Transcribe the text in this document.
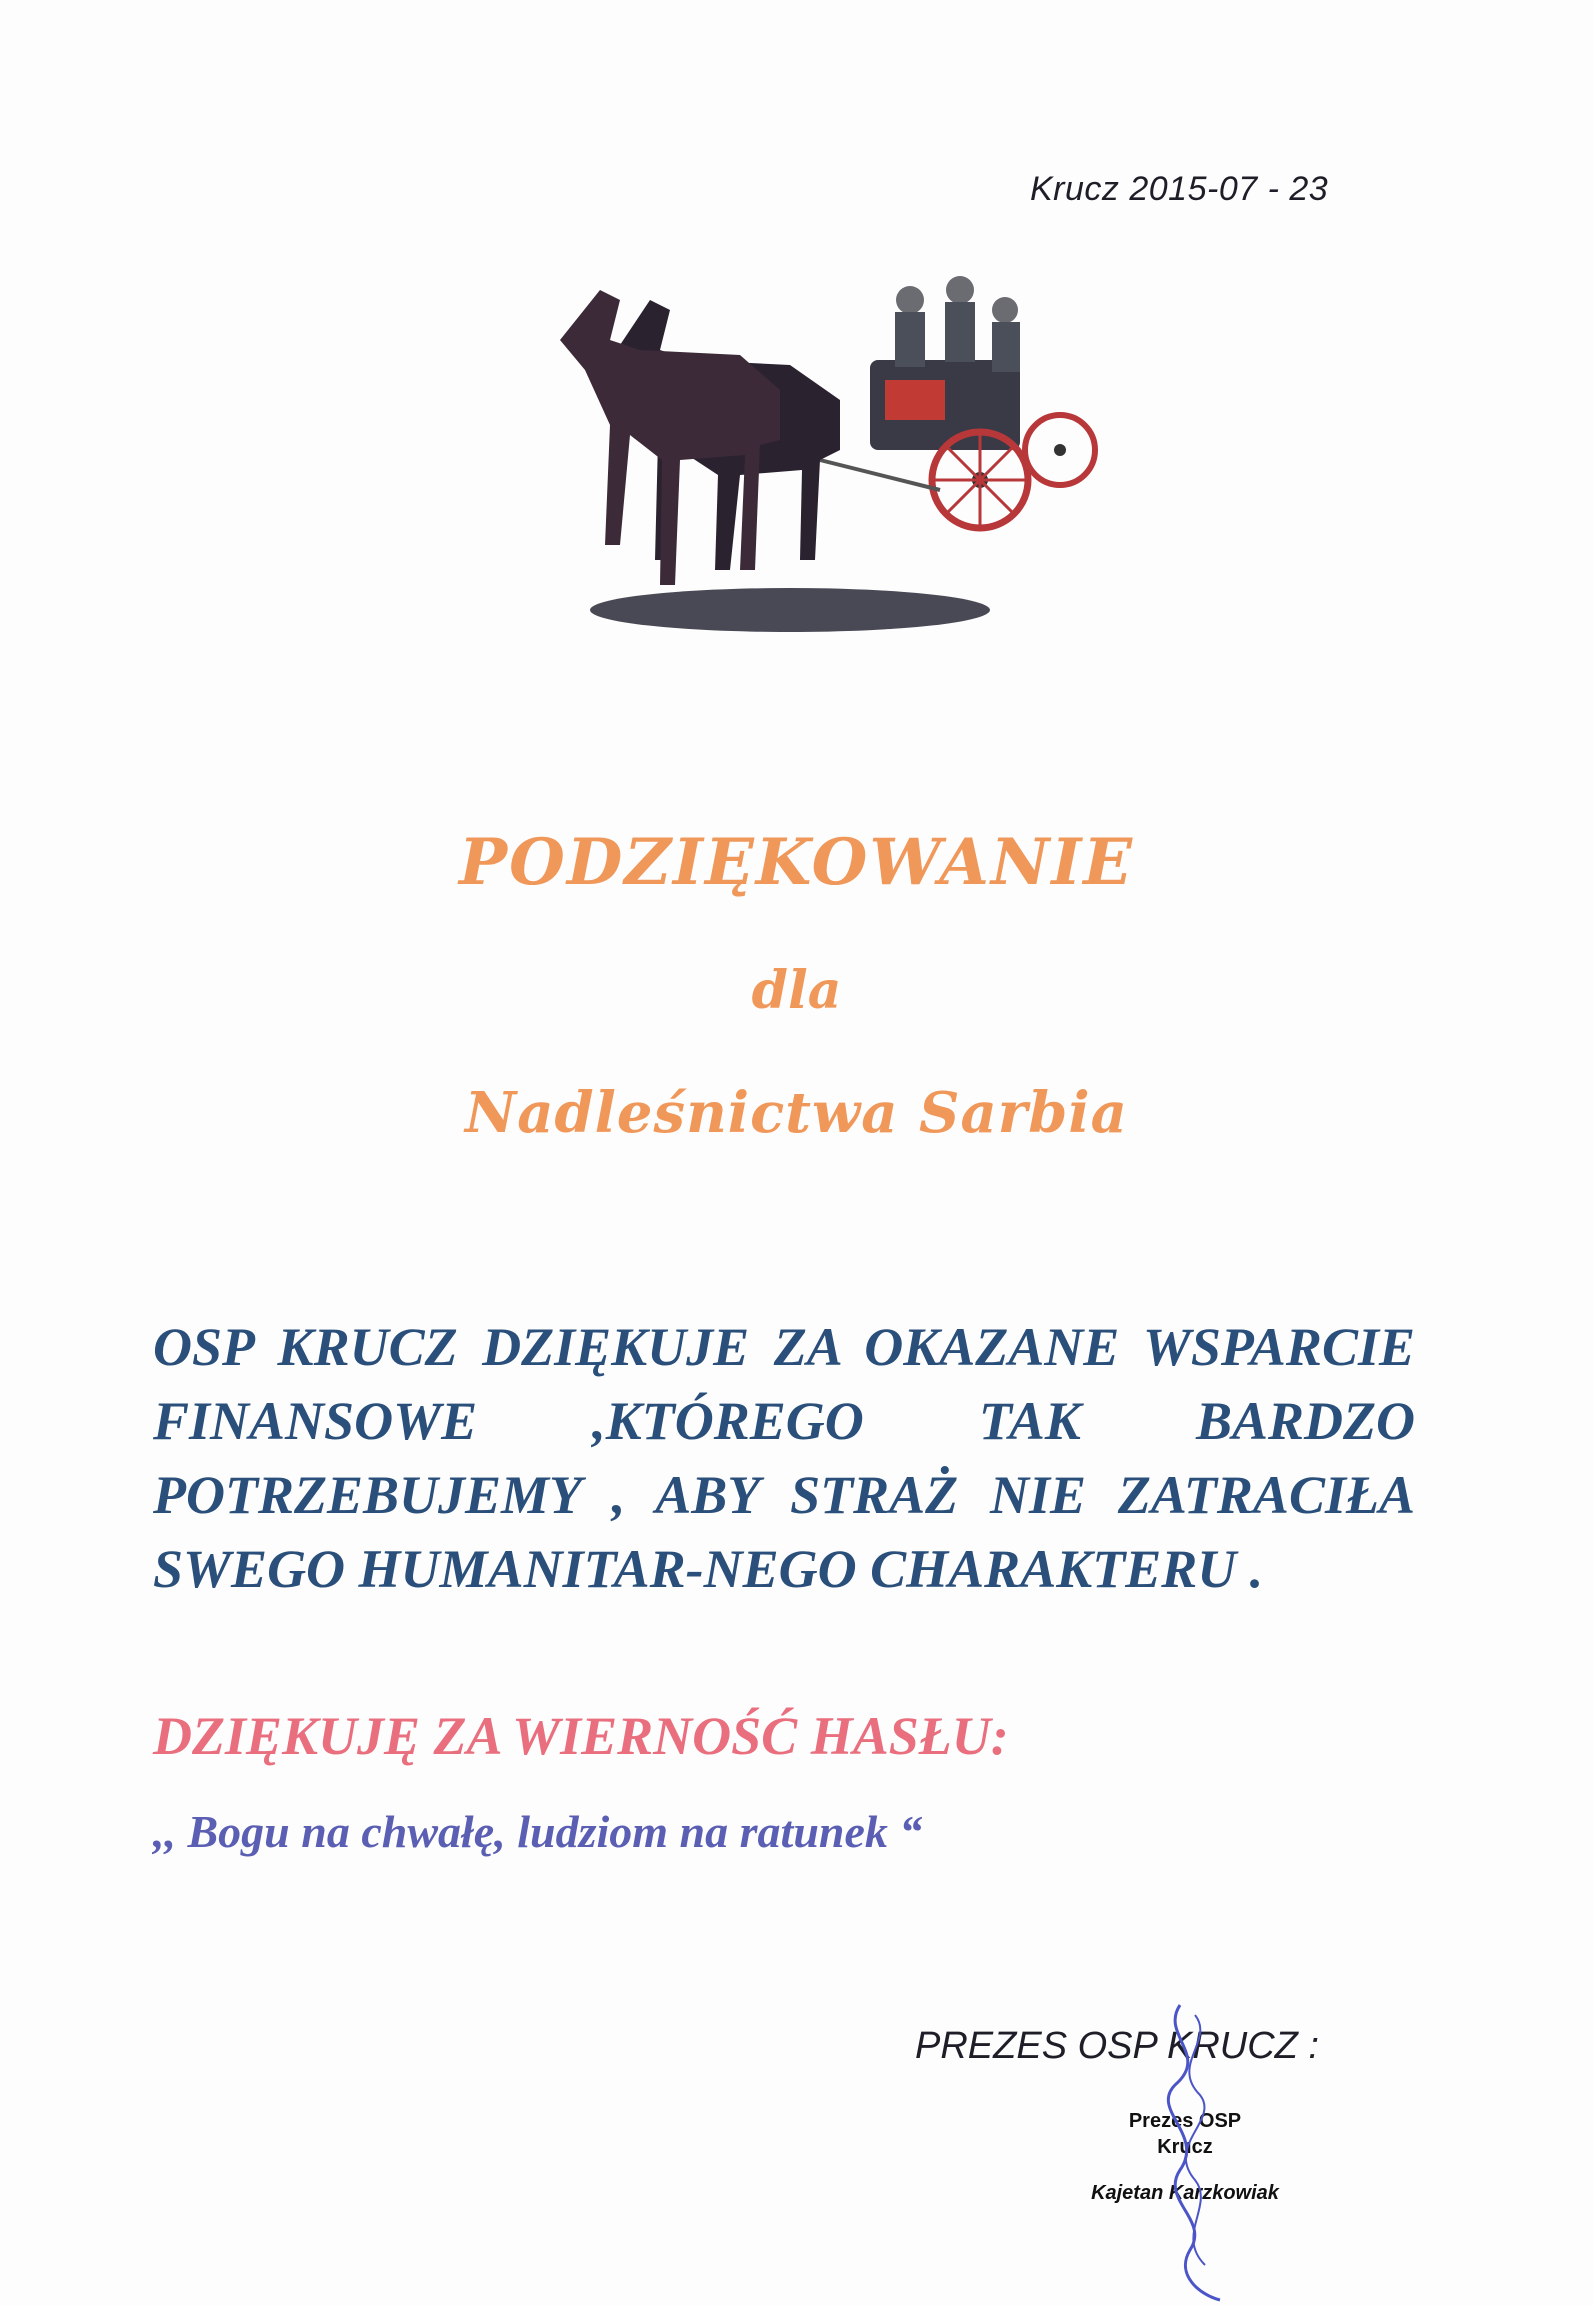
Krucz 2015-07 - 23
PODZIĘKOWANIE
dla
Nadleśnictwa Sarbia
OSP KRUCZ DZIĘKUJE ZA OKAZANE WSPARCIE FINANSOWE ,KTÓREGO TAK BARDZO POTRZEBUJEMY , ABY STRAŻ NIE ZATRACIŁA SWEGO HUMANITAR-NEGO CHARAKTERU .
DZIĘKUJĘ ZA WIERNOŚĆ HASŁU:
,, Bogu na chwałę, ludziom na ratunek “
PREZES OSP KRUCZ :
Prezes OSP
Krucz
Kajetan Karzkowiak
